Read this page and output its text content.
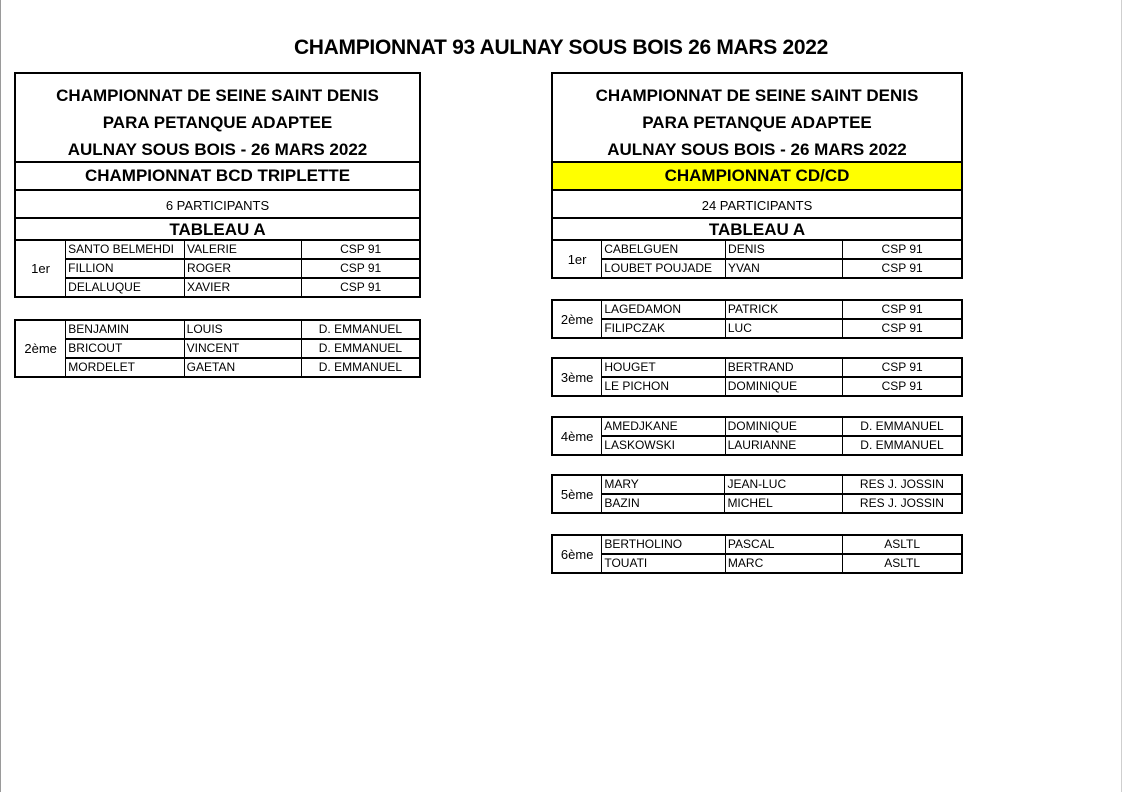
CHAMPIONNAT 93 AULNAY SOUS BOIS 26 MARS 2022
CHAMPIONNAT DE SEINE SAINT DENIS
PARA PETANQUE ADAPTEE
AULNAY SOUS BOIS - 26 MARS 2022
CHAMPIONNAT BCD TRIPLETTE
6 PARTICIPANTS
TABLEAU A
1er	SANTO BELMEHDI	VALERIE	CSP 91
	FILLION	ROGER	CSP 91
	DELALUQUE	XAVIER	CSP 91
2ème	BENJAMIN	LOUIS	D. EMMANUEL
	BRICOUT	VINCENT	D. EMMANUEL
	MORDELET	GAETAN	D. EMMANUEL
CHAMPIONNAT DE SEINE SAINT DENIS
PARA PETANQUE ADAPTEE
AULNAY SOUS BOIS - 26 MARS 2022
CHAMPIONNAT CD/CD
24 PARTICIPANTS
TABLEAU A
1er	CABELGUEN	DENIS	CSP 91
	LOUBET POUJADE	YVAN	CSP 91
2ème	LAGEDAMON	PATRICK	CSP 91
	FILIPCZAK	LUC	CSP 91
3ème	HOUGET	BERTRAND	CSP 91
	LE PICHON	DOMINIQUE	CSP 91
4ème	AMEDJKANE	DOMINIQUE	D. EMMANUEL
	LASKOWSKI	LAURIANNE	D. EMMANUEL
5ème	MARY	JEAN-LUC	RES J. JOSSIN
	BAZIN	MICHEL	RES J. JOSSIN
6ème	BERTHOLINO	PASCAL	ASLTL
	TOUATI	MARC	ASLTL
